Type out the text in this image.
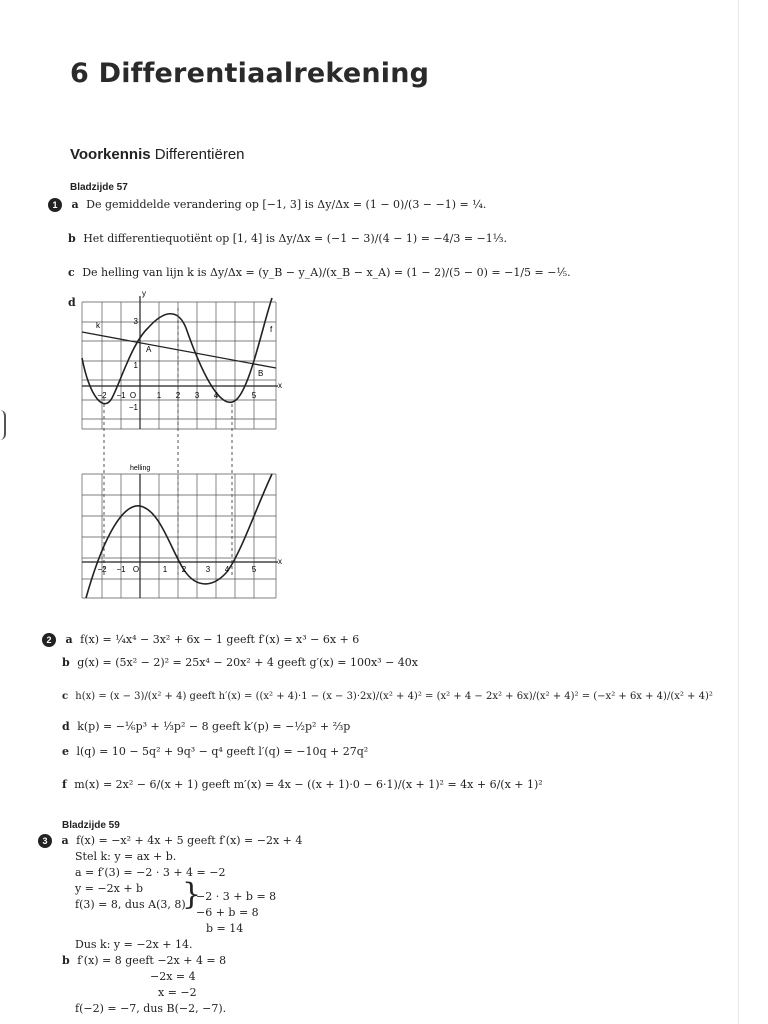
6 Differentiaalrekening
Voorkennis Differentiëren
Bladzijde 57
1 a De gemiddelde verandering op [−1, 3] is Δy/Δx = (1 − 0)/(3 − −1) = ¼.
b Het differentiequotiënt op [1, 4] is Δy/Δx = (−1 − 3)/(4 − 1) = −4/3 = −1⅓.
c De helling van lijn k is Δy/Δx = (y_B − y_A)/(x_B − x_A) = (1 − 2)/(5 − 0) = −1/5 = −⅕.
d
y
x
k	f
A
B
3
1
−1
−2 −1 O	1 2 3 4	5
helling
x
−2 −1 O	1 2 3 4	5
2 a f(x) = ¼x⁴ − 3x² + 6x − 1 geeft f′(x) = x³ − 6x + 6
b g(x) = (5x² − 2)² = 25x⁴ − 20x² + 4 geeft g′(x) = 100x³ − 40x
c h(x) = (x − 3)/(x² + 4) geeft h′(x) = ((x² + 4)·1 − (x − 3)·2x)/(x² + 4)² = (x² + 4 − 2x² + 6x)/(x² + 4)² = (−x² + 6x + 4)/(x² + 4)²
d k(p) = −⅙p³ + ⅓p² − 8 geeft k′(p) = −½p² + ⅔p
e l(q) = 10 − 5q² + 9q³ − q⁴ geeft l′(q) = −10q + 27q²
f m(x) = 2x² − 6/(x + 1) geeft m′(x) = 4x − ((x + 1)·0 − 6·1)/(x + 1)² = 4x + 6/(x + 1)²
Bladzijde 59
3 a f(x) = −x² + 4x + 5 geeft f′(x) = −2x + 4
Stel k: y = ax + b.
a = f′(3) = −2 · 3 + 4 = −2
y = −2x + b
f(3) = 8, dus A(3, 8)
}
−2 · 3 + b = 8
−6 + b = 8
b = 14
Dus k: y = −2x + 14.
b f′(x) = 8 geeft −2x + 4 = 8
−2x = 4
x = −2
f(−2) = −7, dus B(−2, −7).
